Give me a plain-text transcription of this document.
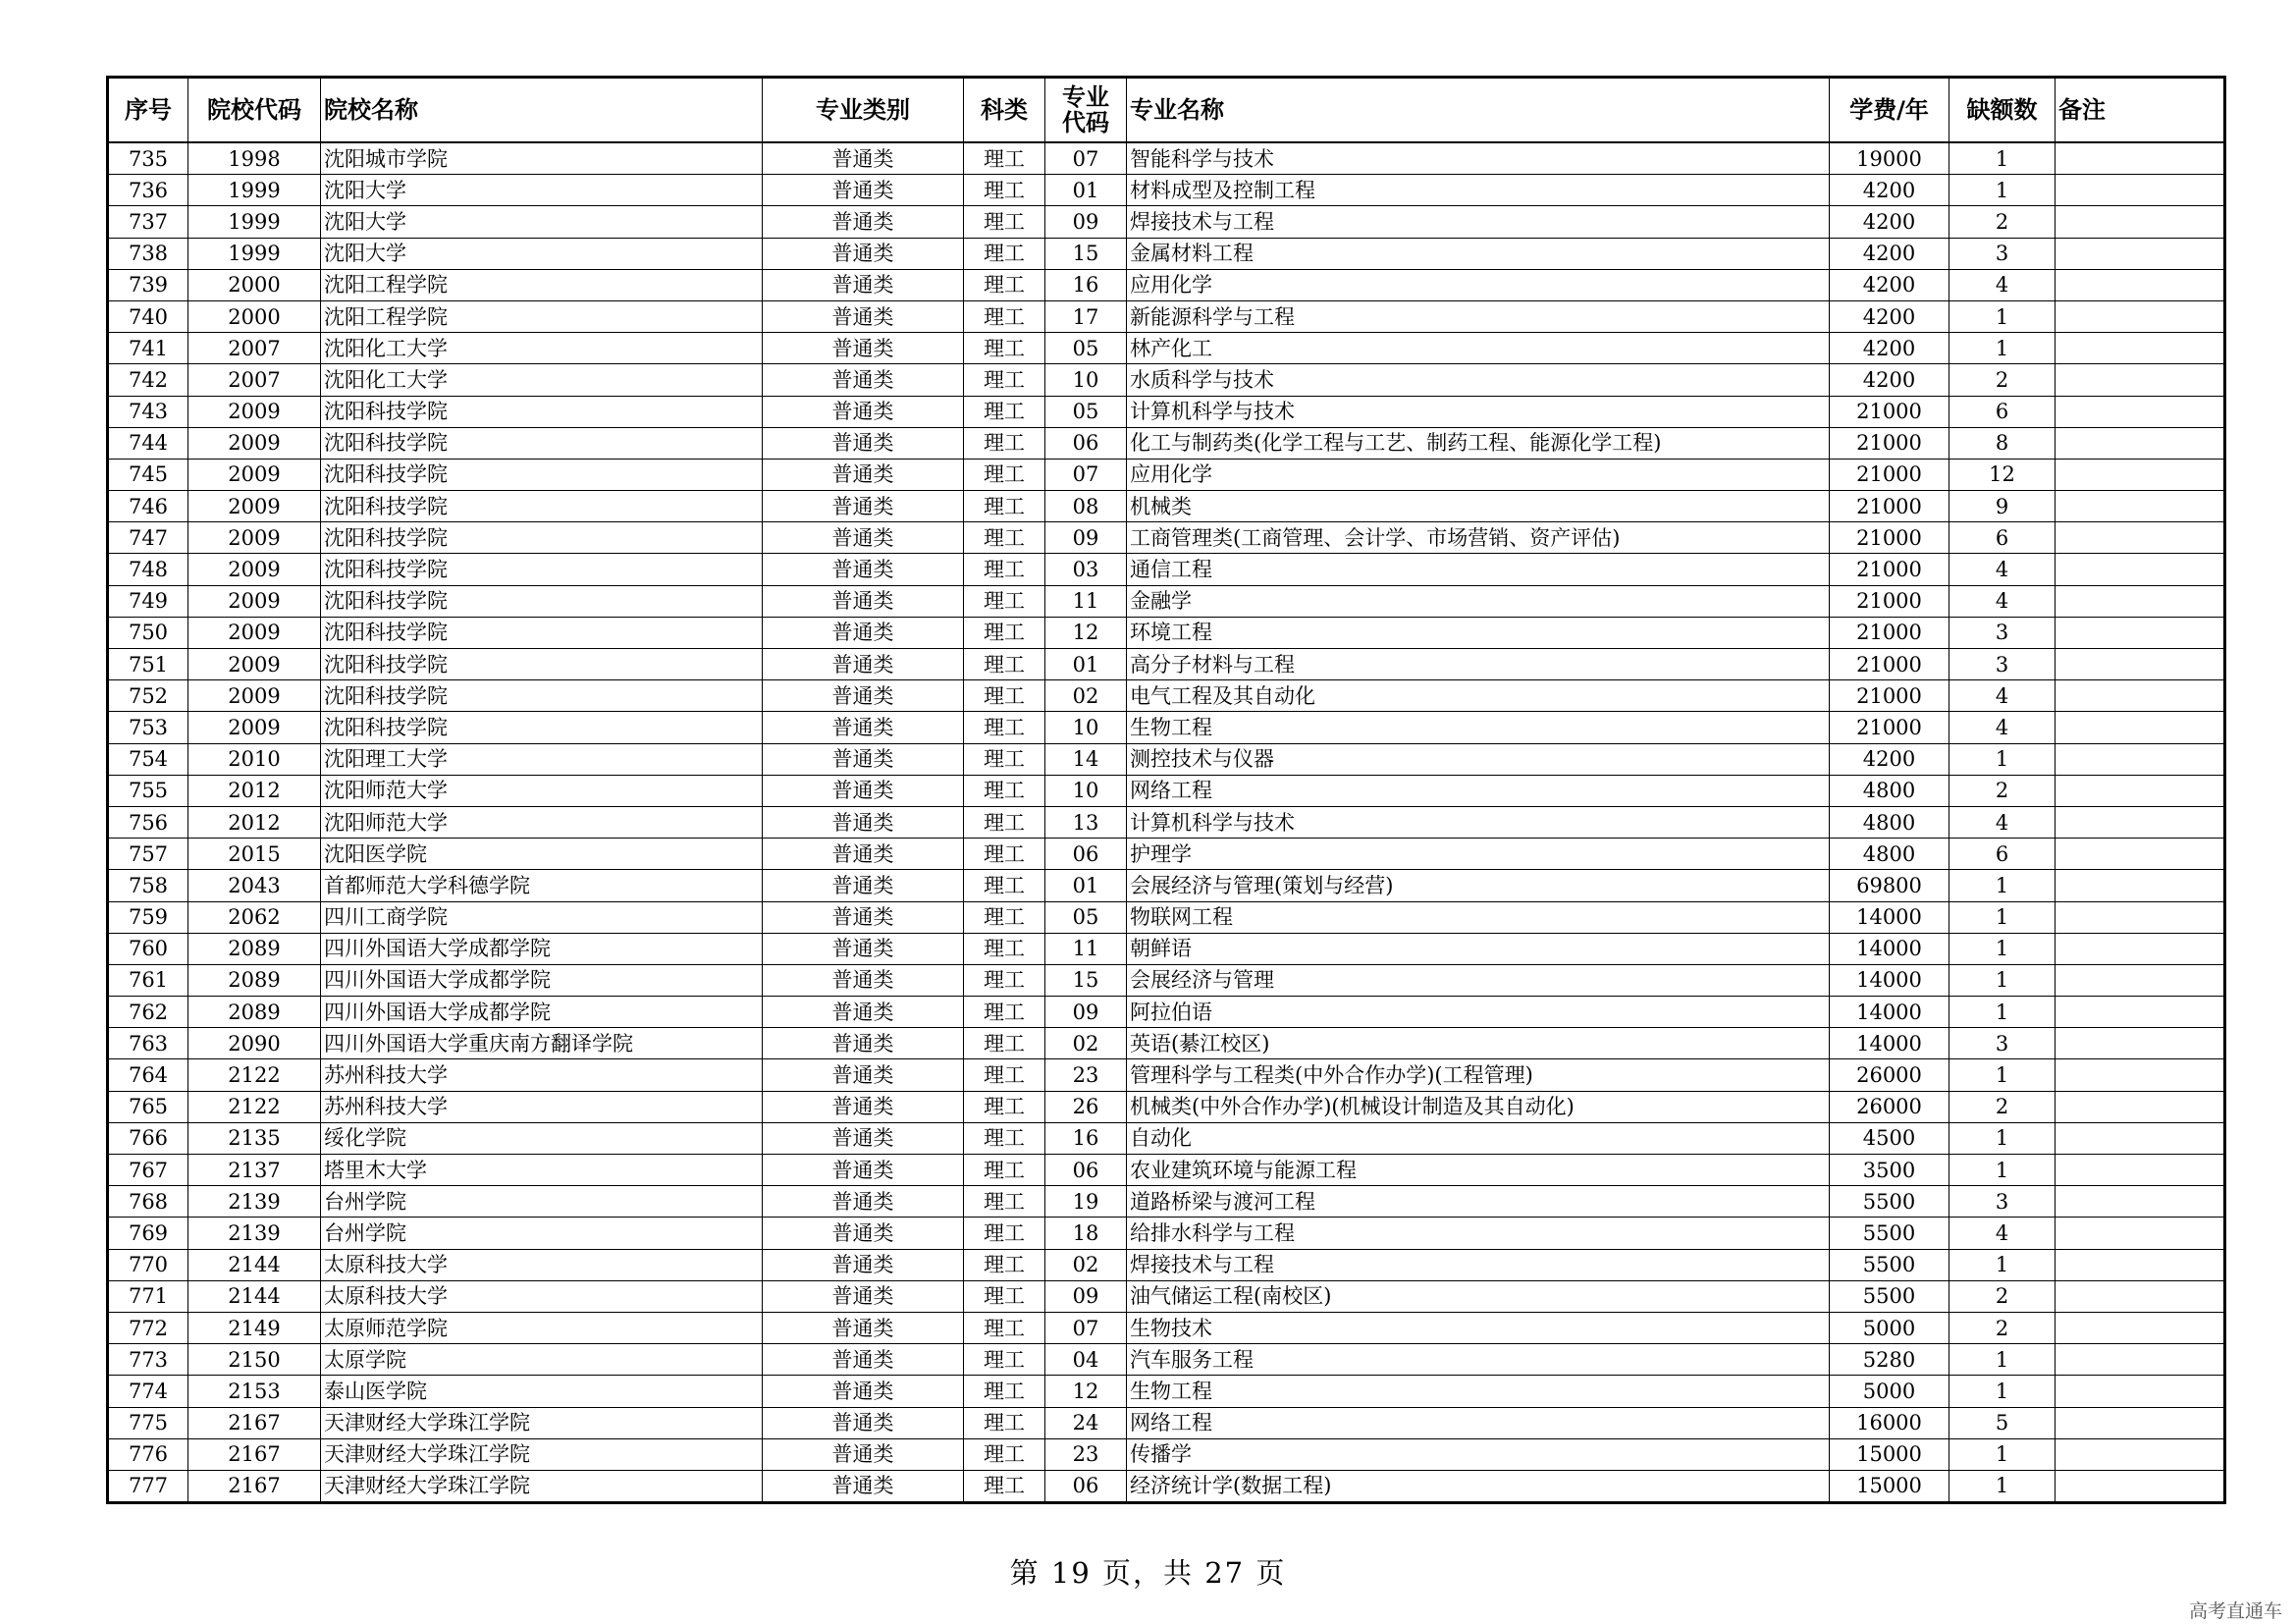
序号	院校代码	院校名称	专业类别	科类	专业代码	专业名称	学费/年	缺额数	备注
735	1998	沈阳城市学院	普通类	理工	07	智能科学与技术	19000	1	
736	1999	沈阳大学	普通类	理工	01	材料成型及控制工程	4200	1	
737	1999	沈阳大学	普通类	理工	09	焊接技术与工程	4200	2	
738	1999	沈阳大学	普通类	理工	15	金属材料工程	4200	3	
739	2000	沈阳工程学院	普通类	理工	16	应用化学	4200	4	
740	2000	沈阳工程学院	普通类	理工	17	新能源科学与工程	4200	1	
741	2007	沈阳化工大学	普通类	理工	05	林产化工	4200	1	
742	2007	沈阳化工大学	普通类	理工	10	水质科学与技术	4200	2	
743	2009	沈阳科技学院	普通类	理工	05	计算机科学与技术	21000	6	
744	2009	沈阳科技学院	普通类	理工	06	化工与制药类(化学工程与工艺、制药工程、能源化学工程)	21000	8	
745	2009	沈阳科技学院	普通类	理工	07	应用化学	21000	12	
746	2009	沈阳科技学院	普通类	理工	08	机械类	21000	9	
747	2009	沈阳科技学院	普通类	理工	09	工商管理类(工商管理、会计学、市场营销、资产评估)	21000	6	
748	2009	沈阳科技学院	普通类	理工	03	通信工程	21000	4	
749	2009	沈阳科技学院	普通类	理工	11	金融学	21000	4	
750	2009	沈阳科技学院	普通类	理工	12	环境工程	21000	3	
751	2009	沈阳科技学院	普通类	理工	01	高分子材料与工程	21000	3	
752	2009	沈阳科技学院	普通类	理工	02	电气工程及其自动化	21000	4	
753	2009	沈阳科技学院	普通类	理工	10	生物工程	21000	4	
754	2010	沈阳理工大学	普通类	理工	14	测控技术与仪器	4200	1	
755	2012	沈阳师范大学	普通类	理工	10	网络工程	4800	2	
756	2012	沈阳师范大学	普通类	理工	13	计算机科学与技术	4800	4	
757	2015	沈阳医学院	普通类	理工	06	护理学	4800	6	
758	2043	首都师范大学科德学院	普通类	理工	01	会展经济与管理(策划与经营)	69800	1	
759	2062	四川工商学院	普通类	理工	05	物联网工程	14000	1	
760	2089	四川外国语大学成都学院	普通类	理工	11	朝鲜语	14000	1	
761	2089	四川外国语大学成都学院	普通类	理工	15	会展经济与管理	14000	1	
762	2089	四川外国语大学成都学院	普通类	理工	09	阿拉伯语	14000	1	
763	2090	四川外国语大学重庆南方翻译学院	普通类	理工	02	英语(綦江校区)	14000	3	
764	2122	苏州科技大学	普通类	理工	23	管理科学与工程类(中外合作办学)(工程管理)	26000	1	
765	2122	苏州科技大学	普通类	理工	26	机械类(中外合作办学)(机械设计制造及其自动化)	26000	2	
766	2135	绥化学院	普通类	理工	16	自动化	4500	1	
767	2137	塔里木大学	普通类	理工	06	农业建筑环境与能源工程	3500	1	
768	2139	台州学院	普通类	理工	19	道路桥梁与渡河工程	5500	3	
769	2139	台州学院	普通类	理工	18	给排水科学与工程	5500	4	
770	2144	太原科技大学	普通类	理工	02	焊接技术与工程	5500	1	
771	2144	太原科技大学	普通类	理工	09	油气储运工程(南校区)	5500	2	
772	2149	太原师范学院	普通类	理工	07	生物技术	5000	2	
773	2150	太原学院	普通类	理工	04	汽车服务工程	5280	1	
774	2153	泰山医学院	普通类	理工	12	生物工程	5000	1	
775	2167	天津财经大学珠江学院	普通类	理工	24	网络工程	16000	5	
776	2167	天津财经大学珠江学院	普通类	理工	23	传播学	15000	1	
777	2167	天津财经大学珠江学院	普通类	理工	06	经济统计学(数据工程)	15000	1	
第 19 页，共 27 页
高考直通车
